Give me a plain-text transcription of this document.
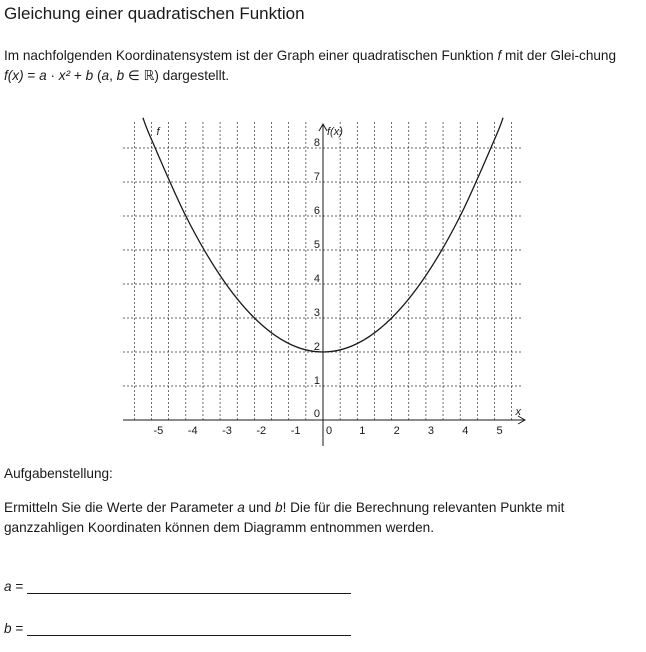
Gleichung einer quadratischen Funktion

Im nachfolgenden Koordinatensystem ist der Graph einer quadratischen Funktion f mit der Glei-chung f(x) = a · x² + b (a, b ∈ ℝ) dargestellt.

-5 -4 -3 -2 -1	1	2	3	4	5
0
1
2
3
4
5
6
7
8
0	x
f(x)
f
Aufgabenstellung:

Ermitteln Sie die Werte der Parameter a und b! Die für die Berechnung relevanten Punkte mit ganzzahligen Koordinaten können dem Diagramm entnommen werden.

a =
b =
